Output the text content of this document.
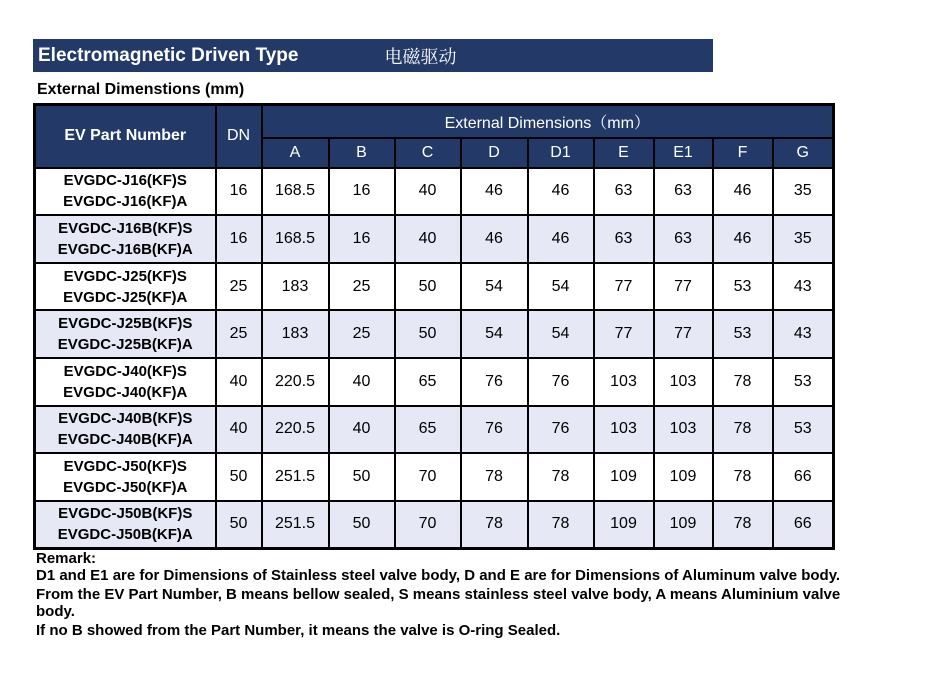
Electromagnetic Driven Type	电磁驱动
External Dimenstions (mm)
EV Part Number	DN	External Dimensions（mm）								
		A	B	C	D	D1	E	E1	F	G

EVGDC-J16(KF)S
EVGDC-J16(KF)A	16	168.5	16	40	46	46	63	63	46	35

EVGDC-J16B(KF)S
EVGDC-J16B(KF)A	16	168.5	16	40	46	46	63	63	46	35

EVGDC-J25(KF)S
EVGDC-J25(KF)A	25	183	25	50	54	54	77	77	53	43

EVGDC-J25B(KF)S
EVGDC-J25B(KF)A	25	183	25	50	54	54	77	77	53	43

EVGDC-J40(KF)S
EVGDC-J40(KF)A	40	220.5	40	65	76	76	103	103	78	53

EVGDC-J40B(KF)S
EVGDC-J40B(KF)A	40	220.5	40	65	76	76	103	103	78	53

EVGDC-J50(KF)S
EVGDC-J50(KF)A	50	251.5	50	70	78	78	109	109	78	66

EVGDC-J50B(KF)S
EVGDC-J50B(KF)A	50	251.5	50	70	78	78	109	109	78	66
Remark:
D1 and E1 are for Dimensions of Stainless steel valve body, D and E are for Dimensions of Aluminum valve body.
From the EV Part Number, B means bellow sealed, S means stainless steel valve body, A means Aluminium valve body.
If no B showed from the Part Number, it means the valve is O-ring Sealed.
